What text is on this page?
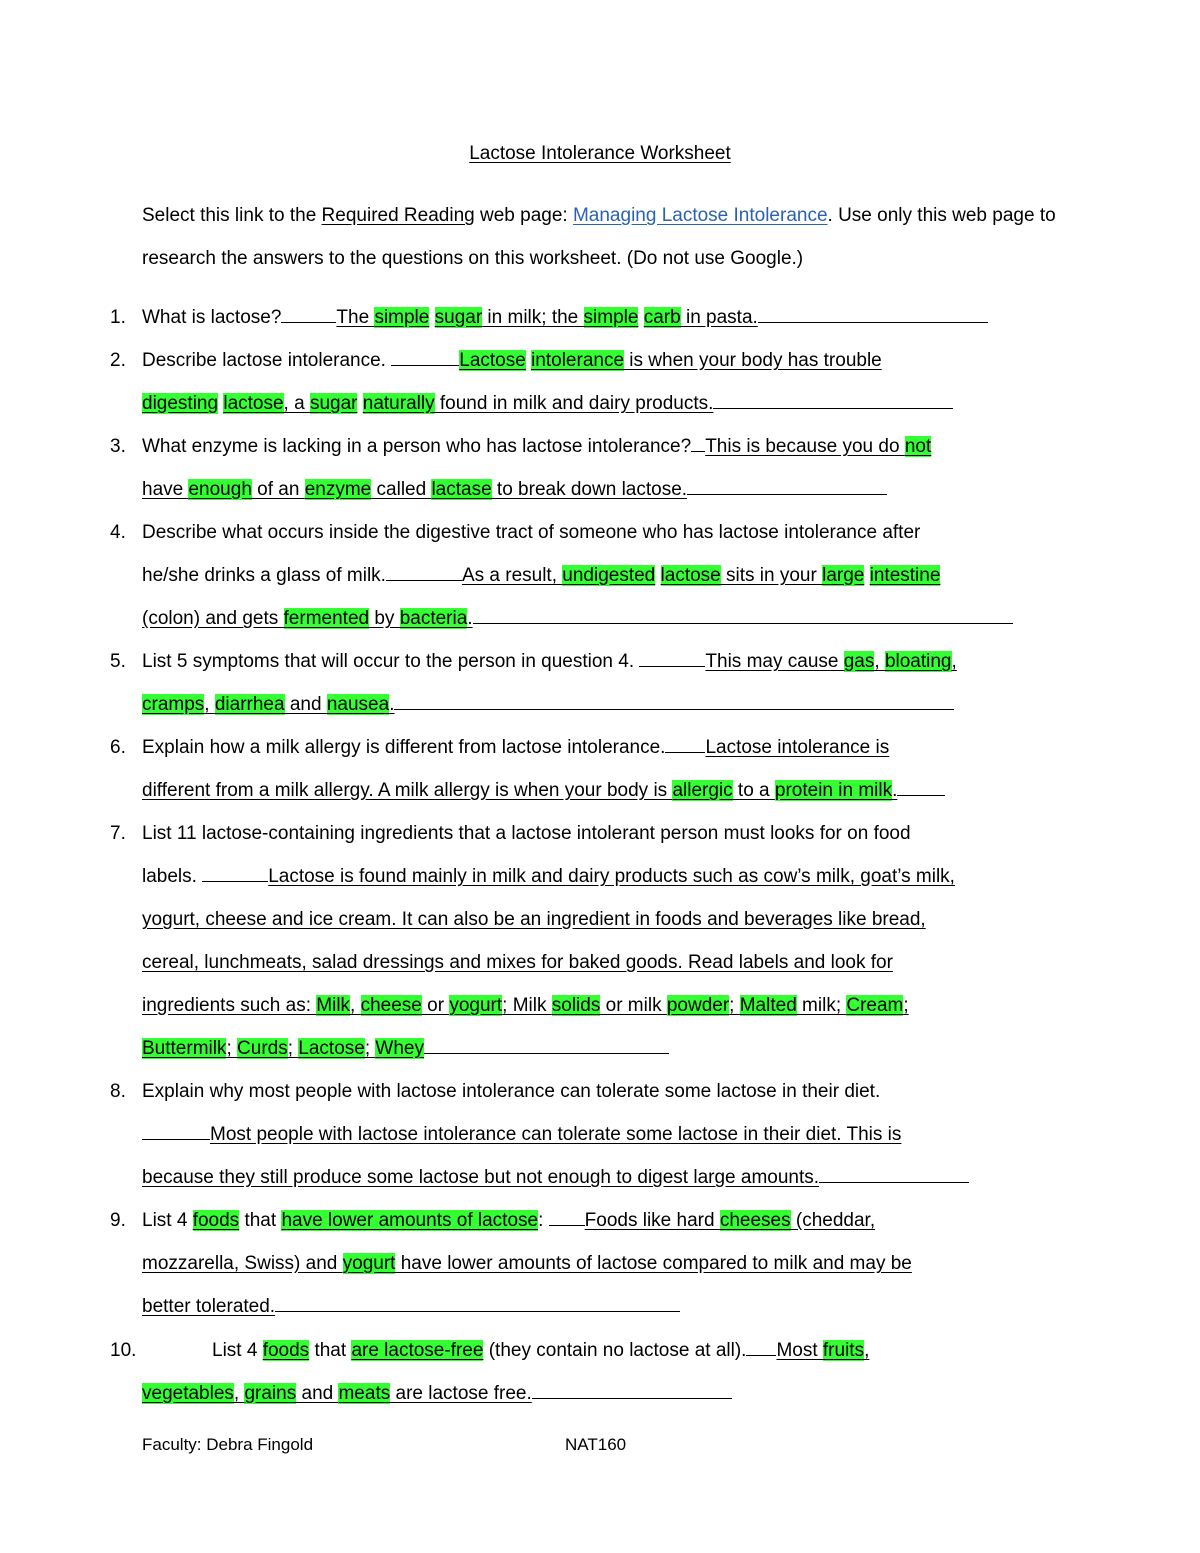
Lactose Intolerance Worksheet
Select this link to the Required Reading web page: Managing Lactose Intolerance. Use only this web page to research the answers to the questions on this worksheet. (Do not use Google.)
1. What is lactose?	The simple sugar in milk; the simple carb in pasta.
2. Describe lactose intolerance.	Lactose intolerance is when your body has trouble
digesting lactose, a sugar naturally found in milk and dairy products.
3. What enzyme is lacking in a person who has lactose intolerance? This is because you do not
have enough of an enzyme called lactase to break down lactose.
4. Describe what occurs inside the digestive tract of someone who has lactose intolerance after
he/she drinks a glass of milk.	As a result, undigested lactose sits in your large intestine
(colon) and gets fermented by bacteria.
5. List 5 symptoms that will occur to the person in question 4.	This may cause gas, bloating,
cramps, diarrhea and nausea.
6. Explain how a milk allergy is different from lactose intolerance. Lactose intolerance is
different from a milk allergy. A milk allergy is when your body is allergic to a protein in milk.
7. List 11 lactose-containing ingredients that a lactose intolerant person must looks for on food
labels.	Lactose is found mainly in milk and dairy products such as cow’s milk, goat’s milk,
yogurt, cheese and ice cream. It can also be an ingredient in foods and beverages like bread,
cereal, lunchmeats, salad dressings and mixes for baked goods. Read labels and look for
ingredients such as: Milk, cheese or yogurt; Milk solids or milk powder; Malted milk; Cream;
Buttermilk; Curds; Lactose; Whey
8. Explain why most people with lactose intolerance can tolerate some lactose in their diet.
Most people with lactose intolerance can tolerate some lactose in their diet. This is
because they still produce some lactose but not enough to digest large amounts.
9. List 4 foods that have lower amounts of lactose: Foods like hard cheeses (cheddar,
mozzarella, Swiss) and yogurt have lower amounts of lactose compared to milk and may be
better tolerated.
10.	List 4 foods that are lactose-free (they contain no lactose at all). Most fruits,
vegetables, grains and meats are lactose free.
Faculty: Debra Fingold	NAT160
